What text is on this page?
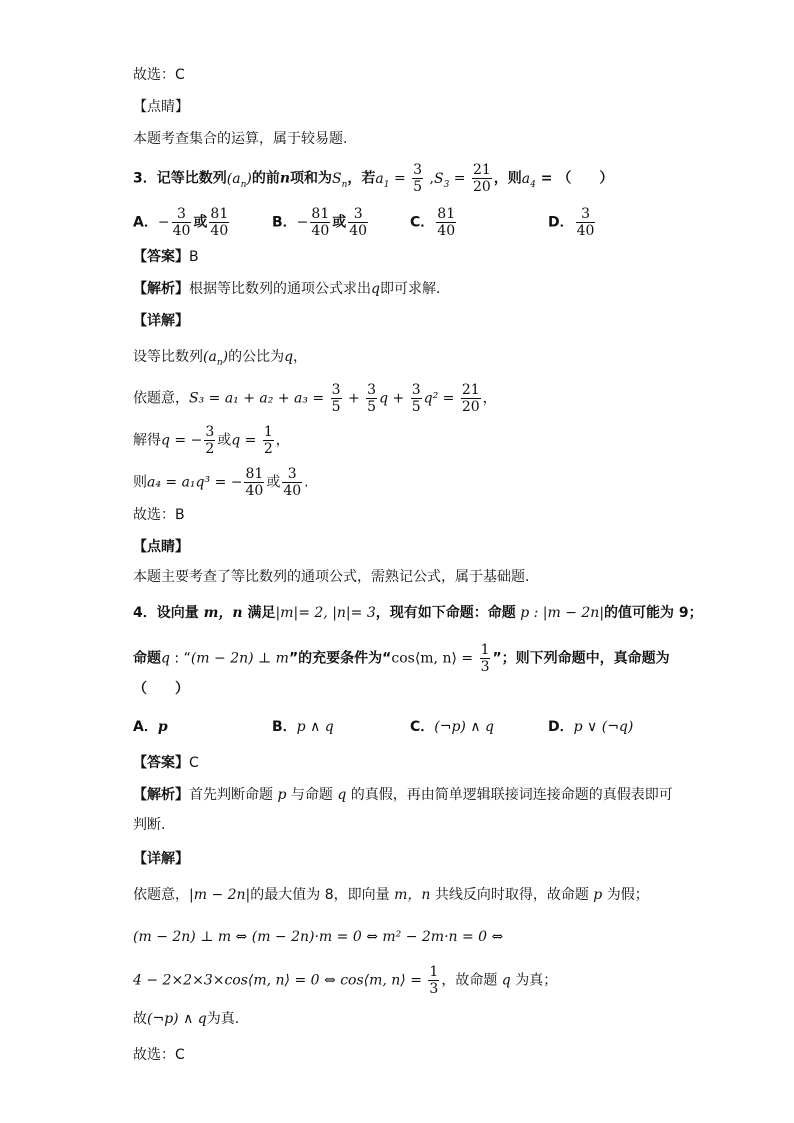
故选：C
【点睛】
本题考查集合的运算，属于较易题.
3．记等比数列$(a_n)$的前n项和为$S_n$，若$a_1 = \frac{3}{5} ,S_3 = \frac{21}{20}$ ，则$a_4$ = （　　）
A．− $\frac{3}{40}$ 或 $\frac{81}{40}$	B．− $\frac{81}{40}$ 或 $\frac{3}{40}$	C． $\frac{81}{40}$	D． $\frac{3}{40}$
【答案】B
【解析】根据等比数列的通项公式求出q即可求解.
【详解】
设等比数列$(a_n)$的公比为q，
依题意，$S_3 = a_1 + a_2 + a_3 = \frac{3}{5} + \frac{3}{5}$ $q + \frac{3}{5} q^2 = \frac{21}{20}$ ，
解得q = − $\frac{3}{2}$ 或$q = \frac{1}{2}$ ，
则a₄ = a₁q³ = − $\frac{81}{40}$ 或 $\frac{3}{40}$ .
故选：B
【点睛】
本题主要考查了等比数列的通项公式，需熟记公式，属于基础题.
4．设向量 m，n 满足|m|= 2, |n|= 3，现有如下命题：命题 p : |m − 2n|的值可能为 9；
命题q : “(m − 2n) ⊥ m”的充要条件为“cos⟨m, n⟩ = $\frac{1}{3}$ ”；则下列命题中，真命题为
（　　）
A．p	B．p ∧ q	C．(¬p) ∧ q	D．p ∨ (¬q)
【答案】C
【解析】首先判断命题 p 与命题 q 的真假，再由简单逻辑联接词连接命题的真假表即可
判断.
【详解】
依题意，|m − 2n|的最大值为 8，即向量 m，n 共线反向时取得，故命题 p 为假；
(m − 2n) ⊥ m ⇔ (m − 2n)·m = 0 ⇔ m² − 2m·n = 0 ⇔
4 − 2×2×3×cos⟨m, n⟩ = 0 ⇔ cos⟨m, n⟩ = $\frac{1}{3}$ ，故命题 q 为真；
故(¬p) ∧ q为真.
故选：C
